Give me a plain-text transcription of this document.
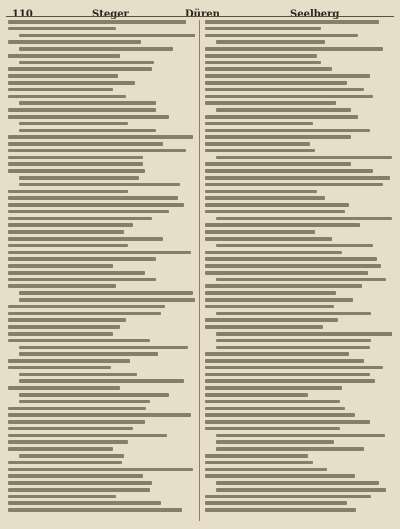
110	Steger	Düren	Seelberg
